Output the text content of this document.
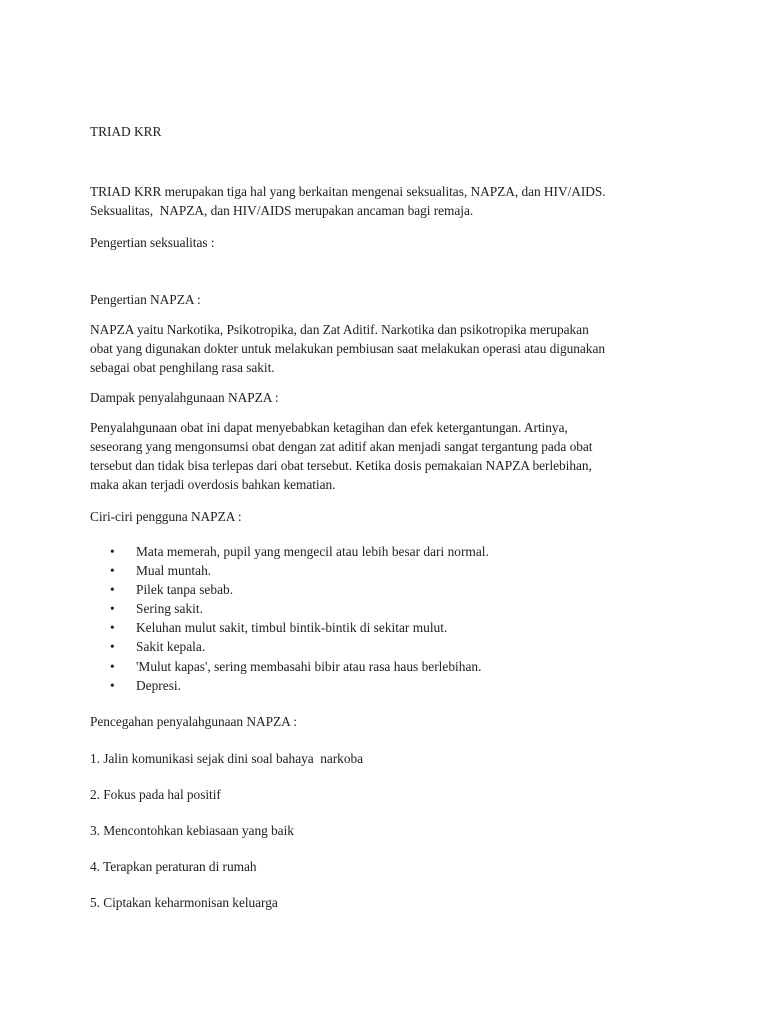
TRIAD KRR

TRIAD KRR merupakan tiga hal yang berkaitan mengenai seksualitas, NAPZA, dan HIV/AIDS.

Seksualitas,  NAPZA, dan HIV/AIDS merupakan ancaman bagi remaja.

Pengertian seksualitas :

Pengertian NAPZA :

NAPZA yaitu Narkotika, Psikotropika, dan Zat Aditif. Narkotika dan psikotropika merupakan

obat yang digunakan dokter untuk melakukan pembiusan saat melakukan operasi atau digunakan

sebagai obat penghilang rasa sakit.

Dampak penyalahgunaan NAPZA :

Penyalahgunaan obat ini dapat menyebabkan ketagihan dan efek ketergantungan. Artinya,

seseorang yang mengonsumsi obat dengan zat aditif akan menjadi sangat tergantung pada obat

tersebut dan tidak bisa terlepas dari obat tersebut. Ketika dosis pemakaian NAPZA berlebihan,

maka akan terjadi overdosis bahkan kematian.

Ciri-ciri pengguna NAPZA :

• Mata memerah, pupil yang mengecil atau lebih besar dari normal.
• Mual muntah.
• Pilek tanpa sebab.
• Sering sakit.
• Keluhan mulut sakit, timbul bintik-bintik di sekitar mulut.
• Sakit kepala.
• 'Mulut kapas', sering membasahi bibir atau rasa haus berlebihan.
• Depresi.

Pencegahan penyalahgunaan NAPZA :

1. Jalin komunikasi sejak dini soal bahaya  narkoba

2. Fokus pada hal positif

3. Mencontohkan kebiasaan yang baik

4. Terapkan peraturan di rumah

5. Ciptakan keharmonisan keluarga
